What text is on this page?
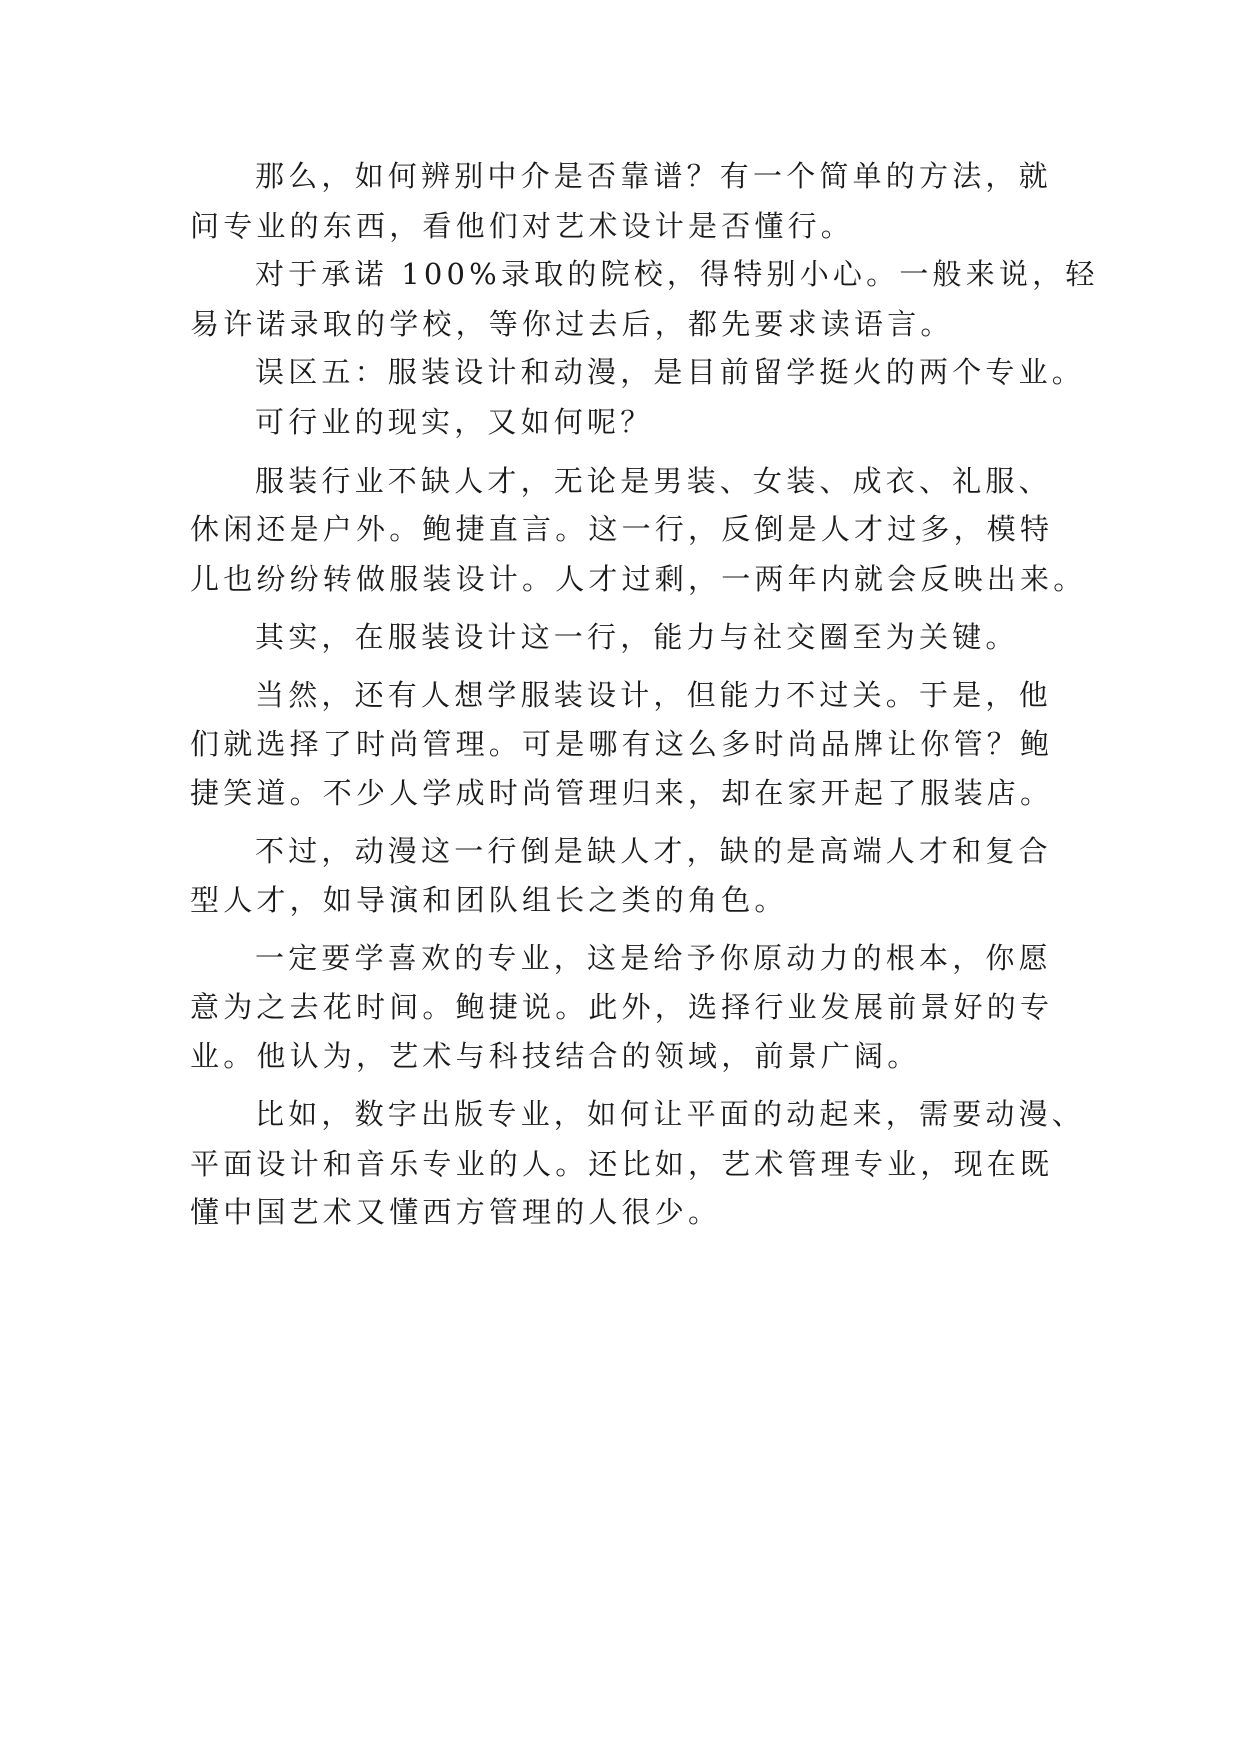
那么，如何辨别中介是否靠谱？有一个简单的方法，就
问专业的东西，看他们对艺术设计是否懂行。
对于承诺 100%录取的院校，得特别小心。一般来说，轻
易许诺录取的学校，等你过去后，都先要求读语言。
误区五：服装设计和动漫，是目前留学挺火的两个专业。
可行业的现实，又如何呢？
服装行业不缺人才，无论是男装、女装、成衣、礼服、
休闲还是户外。鲍捷直言。这一行，反倒是人才过多，模特
儿也纷纷转做服装设计。人才过剩，一两年内就会反映出来。
其实，在服装设计这一行，能力与社交圈至为关键。
当然，还有人想学服装设计，但能力不过关。于是，他
们就选择了时尚管理。可是哪有这么多时尚品牌让你管？鲍
捷笑道。不少人学成时尚管理归来，却在家开起了服装店。
不过，动漫这一行倒是缺人才，缺的是高端人才和复合
型人才，如导演和团队组长之类的角色。
一定要学喜欢的专业，这是给予你原动力的根本，你愿
意为之去花时间。鲍捷说。此外，选择行业发展前景好的专
业。他认为，艺术与科技结合的领域，前景广阔。
比如，数字出版专业，如何让平面的动起来，需要动漫、
平面设计和音乐专业的人。还比如，艺术管理专业，现在既
懂中国艺术又懂西方管理的人很少。
